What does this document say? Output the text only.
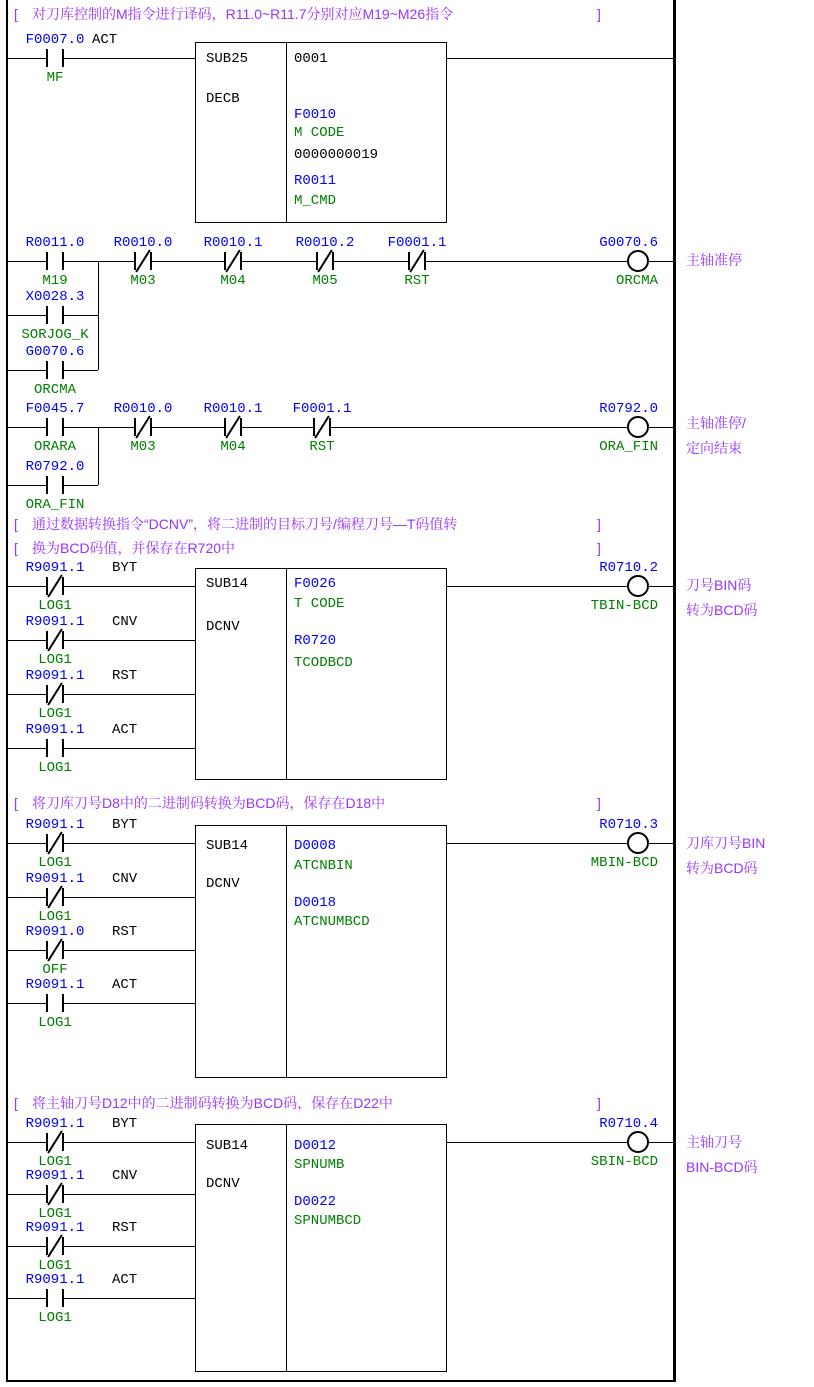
SUB25
DECB
0001
F0010
M CODE
0000000019
R0011
M_CMD
SUB14
DCNV
F0026
T CODE
R0720
TCODBCD
SUB14
DCNV
D0008
ATCNBIN
D0018
ATCNUMBCD
SUB14
DCNV
D0012
SPNUMB
D0022
SPNUMBCD
F0007.0
MF
R0011.0
M19
R0010.0
M03
R0010.1
M04
R0010.2
M05
F0001.1
RST
X0028.3
SORJOG_K
G0070.6
ORCMA
F0045.7
ORARA
R0010.0
M03
R0010.1
M04
F0001.1
RST
R0792.0
ORA_FIN
R9091.1
LOG1
R9091.1
LOG1
R9091.1
LOG1
R9091.1
LOG1
R9091.1
LOG1
R9091.1
LOG1
R9091.0
OFF
R9091.1
LOG1
R9091.1
LOG1
R9091.1
LOG1
R9091.1
LOG1
R9091.1
LOG1
ACT
BYT
CNV
RST
ACT
BYT
CNV
RST
ACT
BYT
CNV
RST
ACT
G0070.6
ORCMA
R0792.0
ORA_FIN
R0710.2
TBIN-BCD
R0710.3
MBIN-BCD
R0710.4
SBIN-BCD
[ 对刀库控制的M指令进行译码，R11.0~R11.7分别对应M19~M26指令	]
[ 通过数据转换指令“DCNV”，将二进制的目标刀号/编程刀号—T码值转	]
[ 换为BCD码值，并保存在R720中	]
[ 将刀库刀号D8中的二进制码转换为BCD码，保存在D18中	]
[ 将主轴刀号D12中的二进制码转换为BCD码，保存在D22中	]
主轴准停
主轴准停/
定向结束
刀号BIN码
转为BCD码
刀库刀号BIN
转为BCD码
主轴刀号
BIN-BCD码
